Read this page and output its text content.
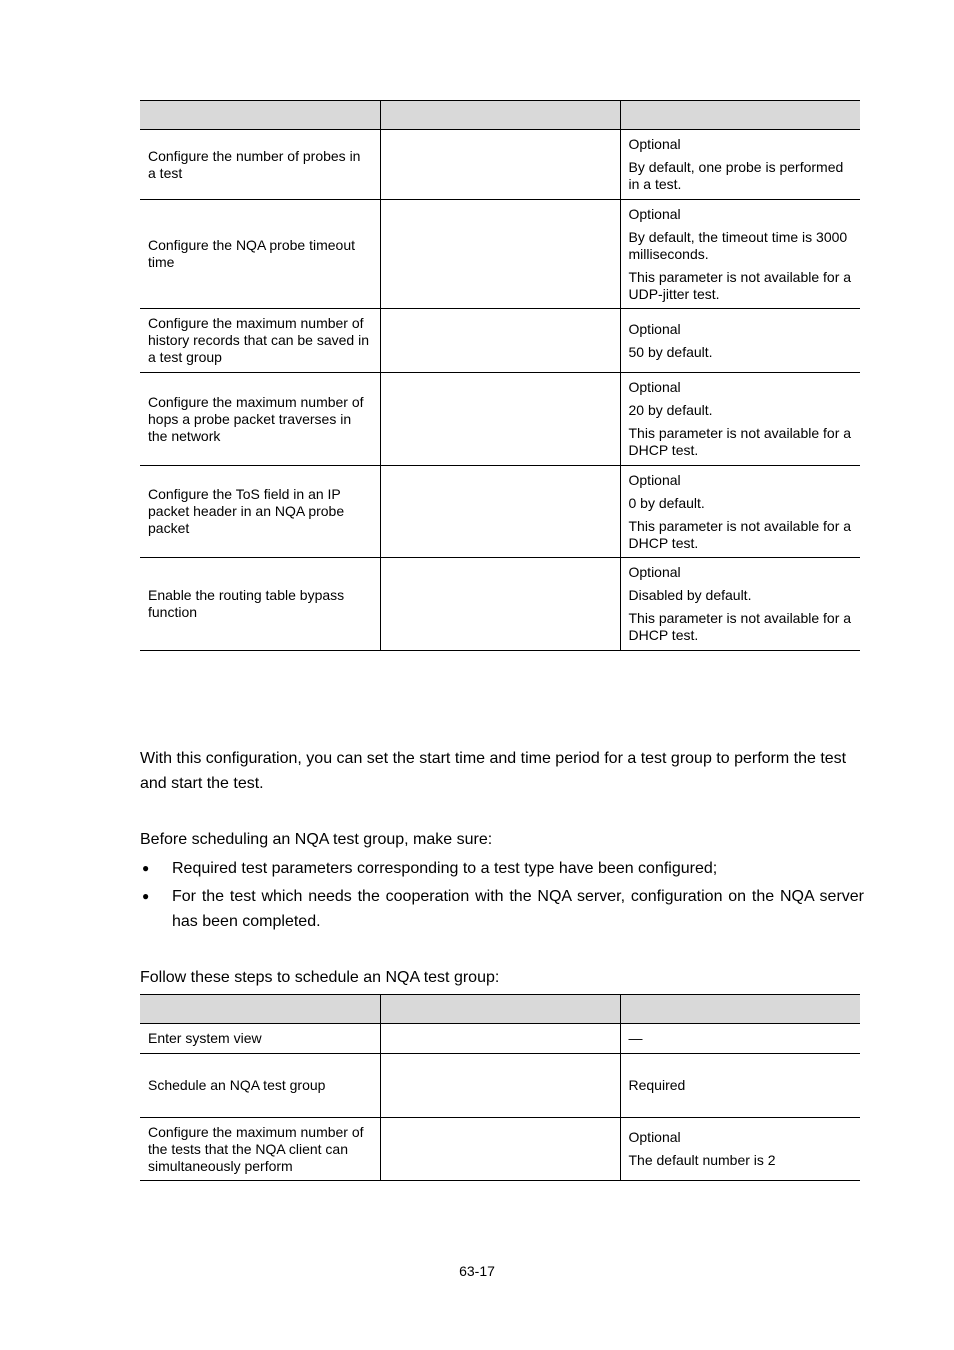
Configure the number of probes in a test		Optional

By default, one probe is performed in a test.

Configure the NQA probe timeout time		Optional

By default, the timeout time is 3000 milliseconds.

This parameter is not available for a UDP-jitter test.

Configure the maximum number of history records that can be saved in a test group		Optional

50 by default.

Configure the maximum number of hops a probe packet traverses in the network		Optional

20 by default.

This parameter is not available for a DHCP test.

Configure the ToS field in an IP packet header in an NQA probe packet		Optional

0 by default.

This parameter is not available for a DHCP test.

Enable the routing table bypass function		Optional

Disabled by default.

This parameter is not available for a DHCP test.

With this configuration, you can set the start time and time period for a test group to perform the test and start the test.

Before scheduling an NQA test group, make sure:

● Required test parameters corresponding to a test type have been configured;
● For the test which needs the cooperation with the NQA server, configuration on the NQA server has been completed.

Follow these steps to schedule an NQA test group:

Enter system view		—

Schedule an NQA test group		Required

Configure the maximum number of the tests that the NQA client can simultaneously perform		Optional

The default number is 2

63-17
